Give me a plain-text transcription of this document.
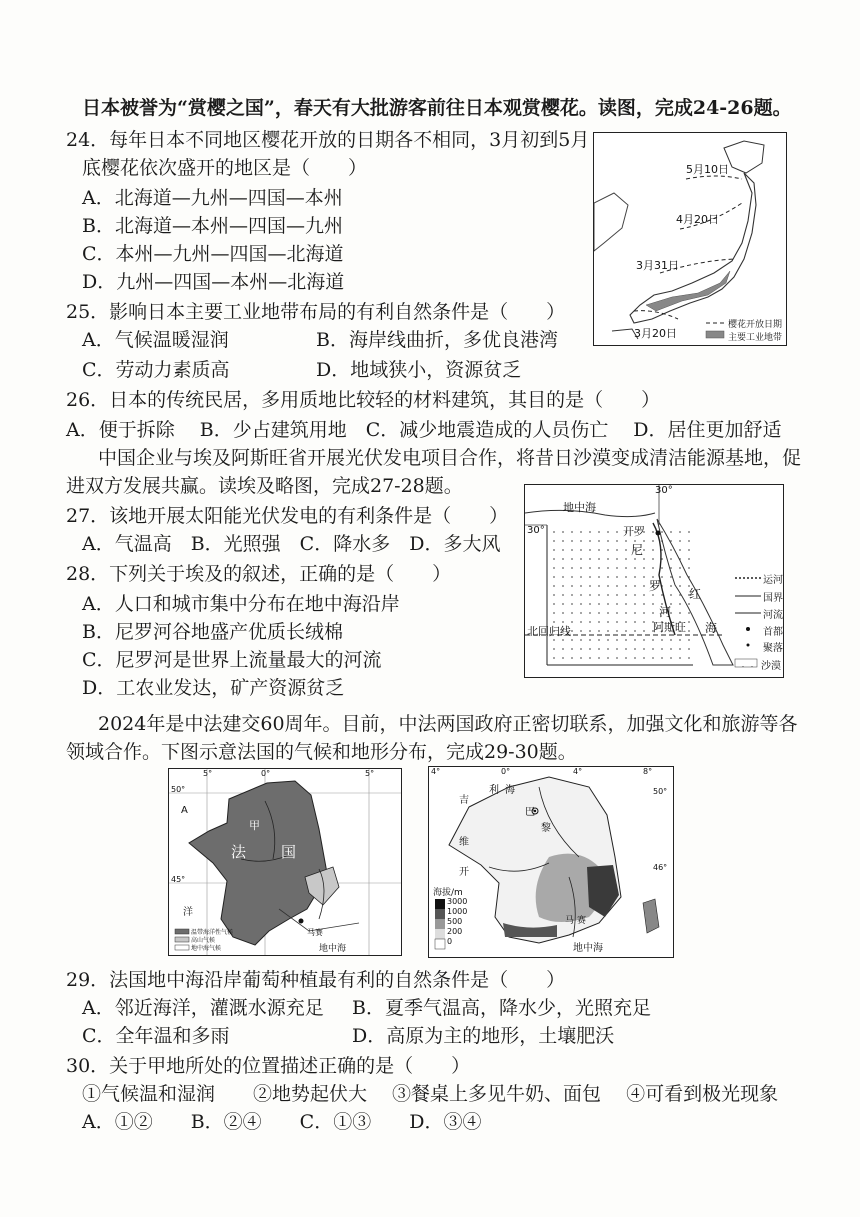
日本被誉为“赏樱之国”，春天有大批游客前往日本观赏樱花。读图，完成24-26题。
24．每年日本不同地区樱花开放的日期各不相同，3月初到5月
底樱花依次盛开的地区是（　　）
A．北海道—九州—四国—本州
B．北海道—本州—四国—九州
C．本州—九州—四国—北海道
D．九州—四国—本州—北海道
25．影响日本主要工业地带布局的有利自然条件是（　　）
A．气候温暖湿润	B．海岸线曲折，多优良港湾
C．劳动力素质高	D．地域狭小，资源贫乏
26．日本的传统民居，多用质地比较轻的材料建筑，其目的是（　　）
A．便于拆除　 B．少占建筑用地　C．减少地震造成的人员伤亡　 D．居住更加舒适
5月10日
4月20日
3月31日
3月20日
樱花开放日期
主要工业地带
中国企业与埃及阿斯旺省开展光伏发电项目合作，将昔日沙漠变成清洁能源基地，促
进双方发展共赢。读埃及略图，完成27-28题。
27．该地开展太阳能光伏发电的有利条件是（　　）
A．气温高　B．光照强　C．降水多　D．多大风
28．下列关于埃及的叙述，正确的是（　　）
A．人口和城市集中分布在地中海沿岸
B．尼罗河谷地盛产优质长绒棉
C．尼罗河是世界上流量最大的河流
D．工农业发达，矿产资源贫乏
30°
30°
地中海
开罗
尼
罗
河
红
海
阿斯旺
北回归线
运河
国界
河流
首都
聚落
沙漠
2024年是中法建交60周年。目前，中法两国政府正密切联系，加强文化和旅游等各
领域合作。下图示意法国的气候和地形分布，完成29-30题。
5°	0°	5°
50°
45°
A
甲
法 国
洋
马赛
地中海
温带海洋性气候
高山气候
地中海气候
4°	0°	4°	8°
50°
46°
巴
黎
利 海
吉
维
开
马 赛
地中海
海拔/m
3000
1000
500
200
0
29．法国地中海沿岸葡萄种植最有利的自然条件是（　　）
A．邻近海洋，灌溉水源充足 B．夏季气温高，降水少，光照充足
C．全年温和多雨	D．高原为主的地形，土壤肥沃
30．关于甲地所处的位置描述正确的是（　　）
①气候温和湿润　　②地势起伏大　 ③餐桌上多见牛奶、面包　 ④可看到极光现象
A．①②　　B．②④　　C．①③　　D．③④
